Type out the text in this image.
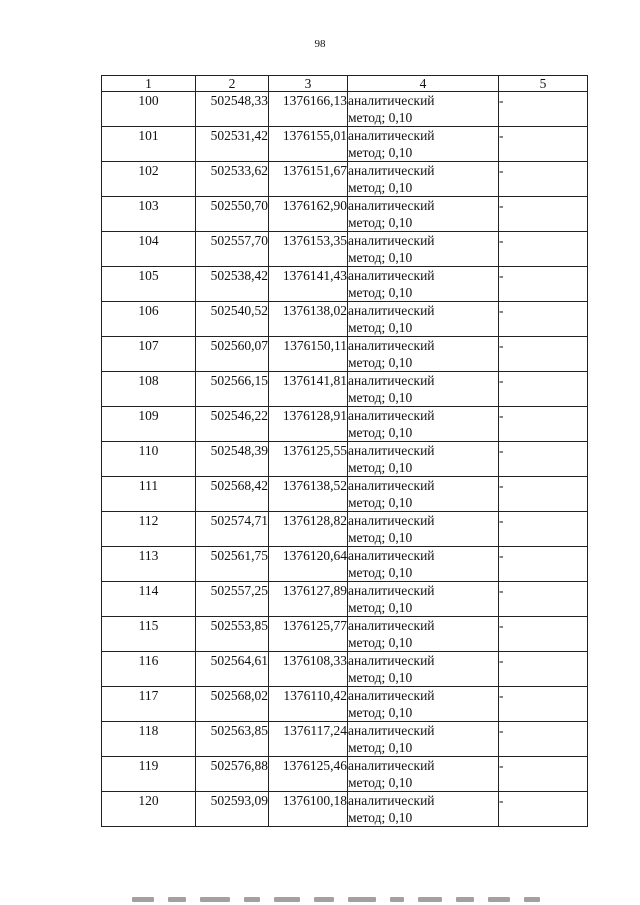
98
1	2	3	4	5
100	502548,33	1376166,13	аналитический
метод; 0,10	-
101	502531,42	1376155,01	аналитический
метод; 0,10	-
102	502533,62	1376151,67	аналитический
метод; 0,10	-
103	502550,70	1376162,90	аналитический
метод; 0,10	-
104	502557,70	1376153,35	аналитический
метод; 0,10	-
105	502538,42	1376141,43	аналитический
метод; 0,10	-
106	502540,52	1376138,02	аналитический
метод; 0,10	-
107	502560,07	1376150,11	аналитический
метод; 0,10	-
108	502566,15	1376141,81	аналитический
метод; 0,10	-
109	502546,22	1376128,91	аналитический
метод; 0,10	-
110	502548,39	1376125,55	аналитический
метод; 0,10	-
111	502568,42	1376138,52	аналитический
метод; 0,10	-
112	502574,71	1376128,82	аналитический
метод; 0,10	-
113	502561,75	1376120,64	аналитический
метод; 0,10	-
114	502557,25	1376127,89	аналитический
метод; 0,10	-
115	502553,85	1376125,77	аналитический
метод; 0,10	-
116	502564,61	1376108,33	аналитический
метод; 0,10	-
117	502568,02	1376110,42	аналитический
метод; 0,10	-
118	502563,85	1376117,24	аналитический
метод; 0,10	-
119	502576,88	1376125,46	аналитический
метод; 0,10	-
120	502593,09	1376100,18	аналитический
метод; 0,10	-
